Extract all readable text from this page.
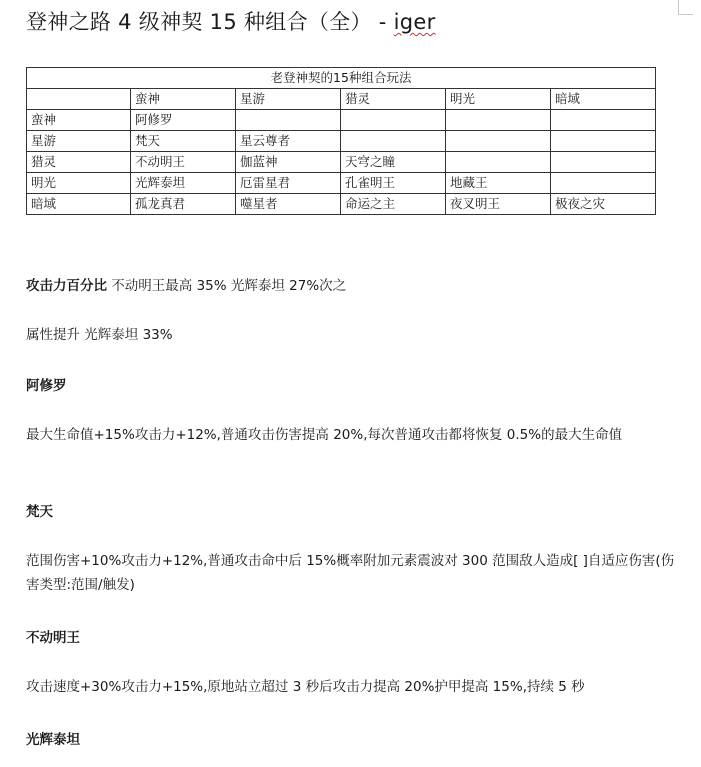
登神之路 4 级神契 15 种组合（全） - iger
老登神契的15种组合玩法					
	蛮神	星游	猎灵	明光	暗域
蛮神	阿修罗				
星游	梵天	星云尊者			
猎灵	不动明王	伽蓝神	天穹之瞳		
明光	光辉泰坦	厄雷星君	孔雀明王	地藏王	
暗域	孤龙真君	噬星者	命运之主	夜叉明王	极夜之灾
攻击力百分比 不动明王最高 35% 光辉泰坦 27%次之
属性提升 光辉泰坦 33%
阿修罗
最大生命值+15%攻击力+12%,普通攻击伤害提高 20%,每次普通攻击都将恢复 0.5%的最大生命值
梵天
范围伤害+10%攻击力+12%,普通攻击命中后 15%概率附加元素震波对 300 范围敌人造成[ ]自适应伤害(伤害类型:范围/触发)
不动明王
攻击速度+30%攻击力+15%,原地站立超过 3 秒后攻击力提高 20%护甲提高 15%,持续 5 秒
光辉泰坦
